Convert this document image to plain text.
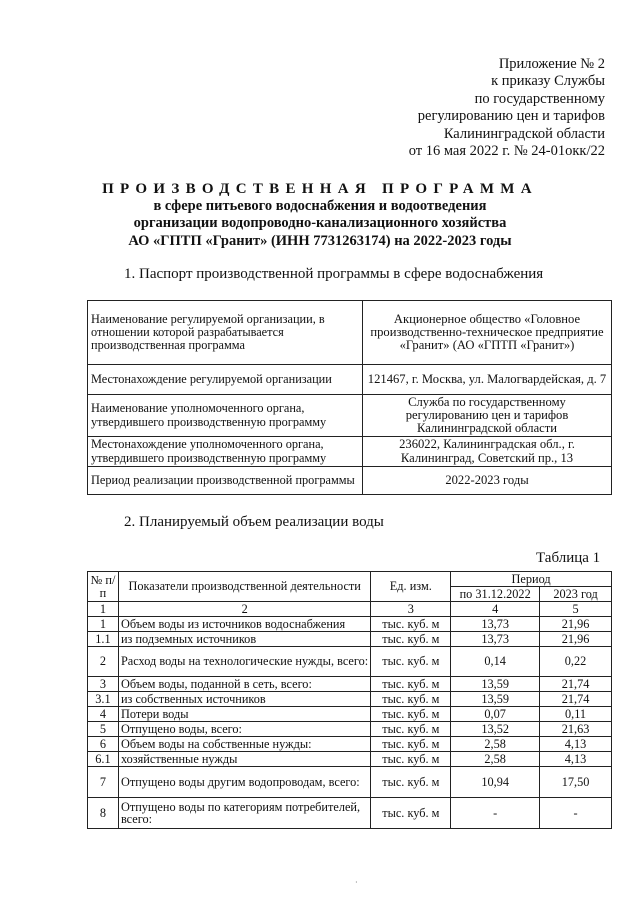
Приложение № 2
к приказу Службы
по государственному
регулированию цен и тарифов
Калининградской области
от 16 мая 2022 г. № 24-01окк/22
ПРОИЗВОДСТВЕННАЯ ПРОГРАММА
в сфере питьевого водоснабжения и водоотведения
организации водопроводно-канализационного хозяйства
АО «ГПТП «Гранит» (ИНН 7731263174) на 2022-2023 годы
1. Паспорт производственной программы в сфере водоснабжения
Наименование регулируемой организации, в отношении которой разрабатывается производственная программа	Акционерное общество «Головное производственно-техническое предприятие «Гранит» (АО «ГПТП «Гранит»)
Местонахождение регулируемой организации	121467, г. Москва, ул. Малогвардейская, д. 7
Наименование уполномоченного органа, утвердившего производственную программу	Служба по государственному регулированию цен и тарифов Калининградской области
Местонахождение уполномоченного органа, утвердившего производственную программу	236022, Калининградская обл., г. Калининград, Советский пр., 13
Период реализации производственной программы	2022-2023 годы
2. Планируемый объем реализации воды
Таблица 1
№ п/п	Показатели производственной деятельности	Ед. изм.	Период	
			по 31.12.2022	2023 год
1	2	3	4	5
1	Объем воды из источников водоснабжения	тыс. куб. м	13,73	21,96
1.1	из подземных источников	тыс. куб. м	13,73	21,96
2	Расход воды на технологические нужды, всего:	тыс. куб. м	0,14	0,22
3	Объем воды, поданной в сеть, всего:	тыс. куб. м	13,59	21,74
3.1	из собственных источников	тыс. куб. м	13,59	21,74
4	Потери воды	тыс. куб. м	0,07	0,11
5	Отпущено воды, всего:	тыс. куб. м	13,52	21,63
6	Объем воды на собственные нужды:	тыс. куб. м	2,58	4,13
6.1	хозяйственные нужды	тыс. куб. м	2,58	4,13
7	Отпущено воды другим водопроводам, всего:	тыс. куб. м	10,94	17,50
8	Отпущено воды по категориям потребителей, всего:	тыс. куб. м	-	-
·
